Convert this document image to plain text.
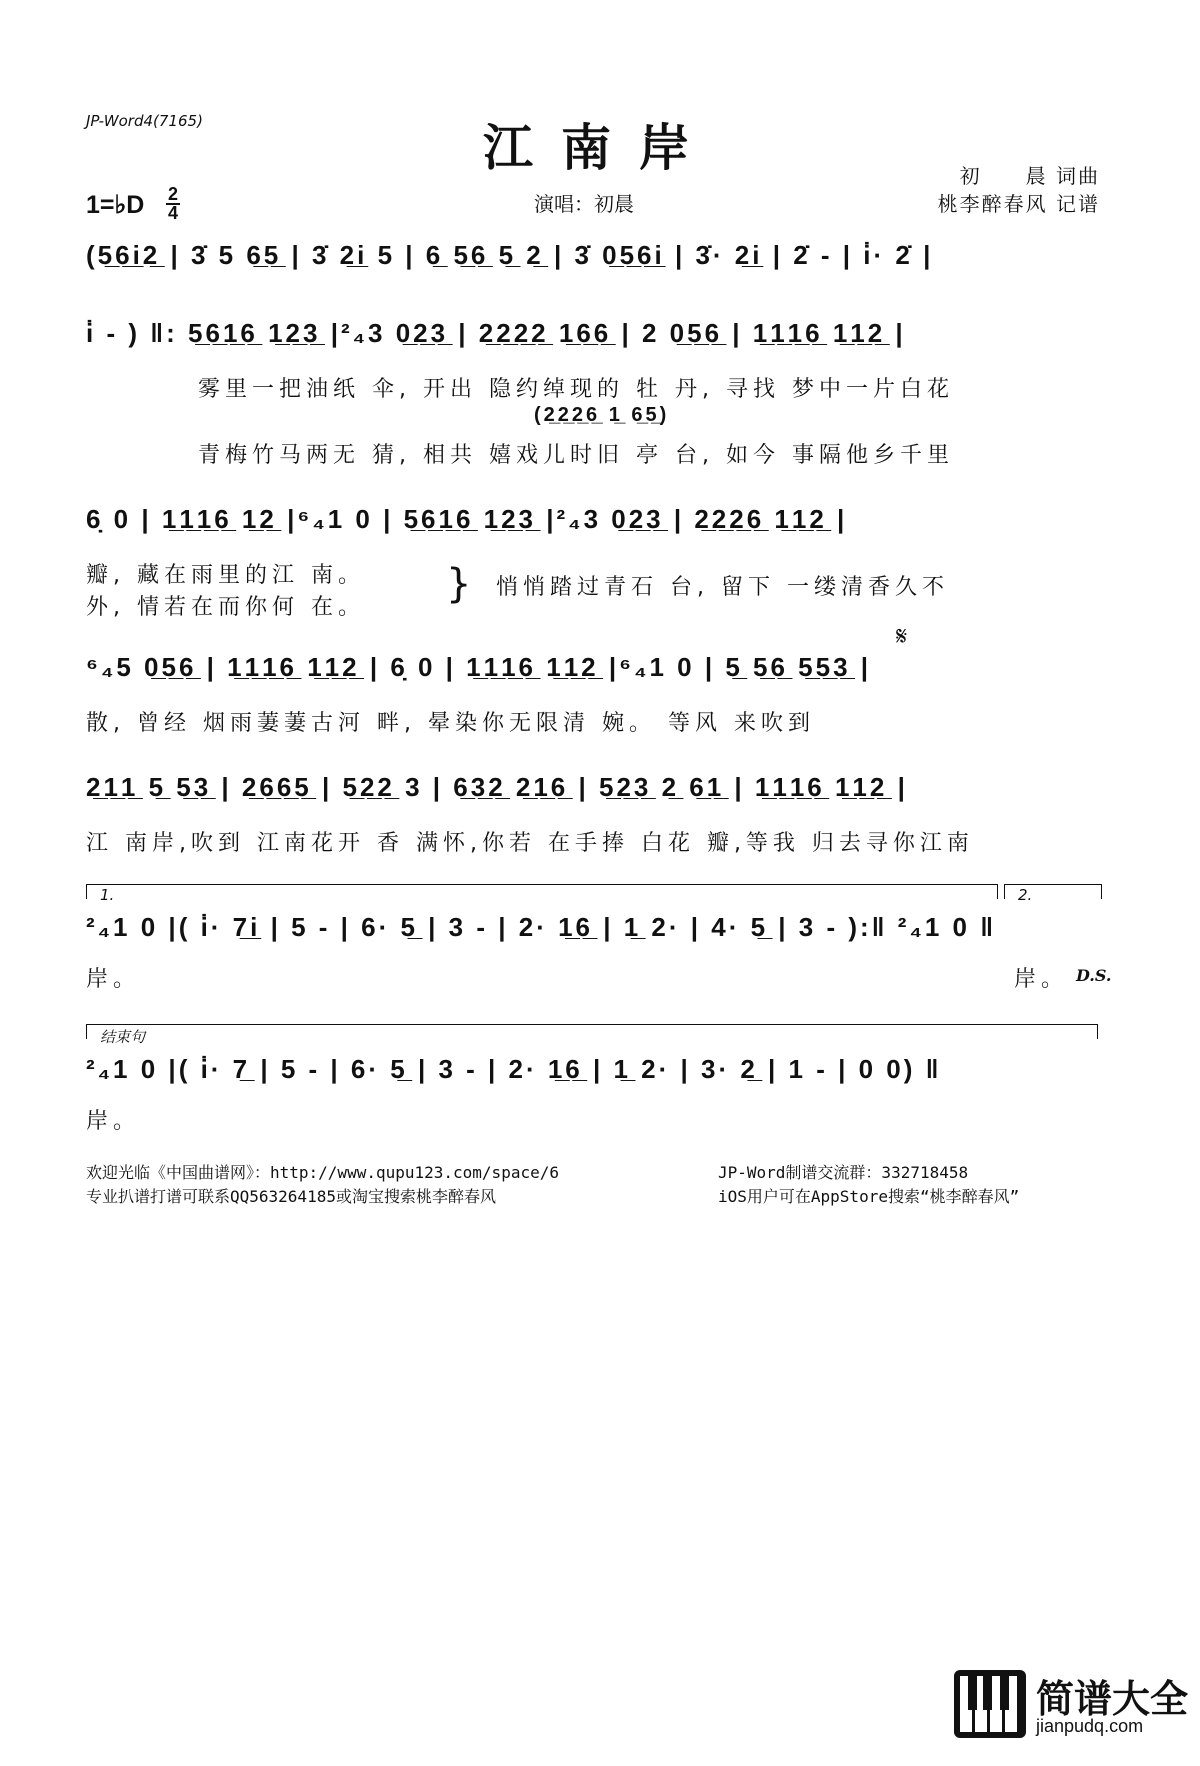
JP-Word4(7165)	江南岸	初　　晨 词曲
桃李醉春风 记谱
演唱：初晨
1=♭D 2
4
(5̲6̲i̲2̲ | 3̇ 5 6̲5̲ | 3̇ 2̲i̲ 5 | 6̲ 5̲6̲ 5̲ 2̲ | 3̇ 0̲5̲6̲i̲ | 3̇· 2̲i̲ | 2̇ - | i̇· 2̇ |
i̇ - ) ‖: 5̲6̲1̲6̲ 1̲2̲3̲ |²₄3 0̲2̲3̲ | 2̲2̲2̲2̲ 1̲6̲6̲ | 2 0̲5̲6̲ | 1̲1̲1̲6̲ 1̲1̲2̲ |
雾里一把油纸 伞, 开出 隐约绰现的 牡 丹, 寻找 梦中一片白花
(2̲2̲2̲6̲ 1̲ 6̲5̲)
青梅竹马两无 猜, 相共 嬉戏儿时旧 亭 台, 如今 事隔他乡千里
6̣ 0 | 1̲1̲1̲6̲ 1̲2̲ |⁶₄1 0 | 5̲6̲1̲6̲ 1̲2̲3̲ |²₄3 0̲2̲3̲ | 2̲2̲2̲6̲ 1̲1̲2̲ |
瓣, 藏在雨里的江 南。	} 悄悄踏过青石 台, 留下 一缕清香久不
外, 情若在而你何 在。
𝄋
⁶₄5 0̲5̲6̲ | 1̲1̲1̲6̲ 1̲1̲2̲ | 6̣ 0 | 1̲1̲1̲6̲ 1̲1̲2̲ |⁶₄1 0 | 5̲ 5̲6̲ 5̲5̲3̲ |
散, 曾经 烟雨萋萋古河 畔, 晕染你无限清 婉。 等风 来吹到
2̲1̲1̲ 5̲ 5̲3̲ | 2̲6̲6̲5̲ | 5̲2̲2̲ 3 | 6̲3̲2̲ 2̲1̲6̲ | 5̲2̲3̲ 2̲ 6̲1̲ | 1̲1̲1̲6̲ 1̲1̲2̲ |
江 南岸,吹到 江南花开 香 满怀,你若 在手捧 白花 瓣,等我 归去寻你江南
1.	2.
²₄1 0 |( i̇· 7̲i̲ | 5 - | 6· 5̲ | 3 - | 2· 1̲6̲ | 1̲ 2· | 4· 5̲ | 3 - ):‖ ²₄1 0 ‖
岸。	岸。 D.S.
结束句
²₄1 0 |( i̇· 7̲ | 5 - | 6· 5̲ | 3 - | 2· 1̲6̲ | 1̲ 2· | 3· 2̲ | 1 - | 0 0) ‖
岸。
欢迎光临《中国曲谱网》：http://www.qupu123.com/space/6
专业扒谱打谱可联系QQ563264185或淘宝搜索桃李醉春风
JP-Word制谱交流群：332718458
iOS用户可在AppStore搜索“桃李醉春风”
简谱大全
jianpudq.com
